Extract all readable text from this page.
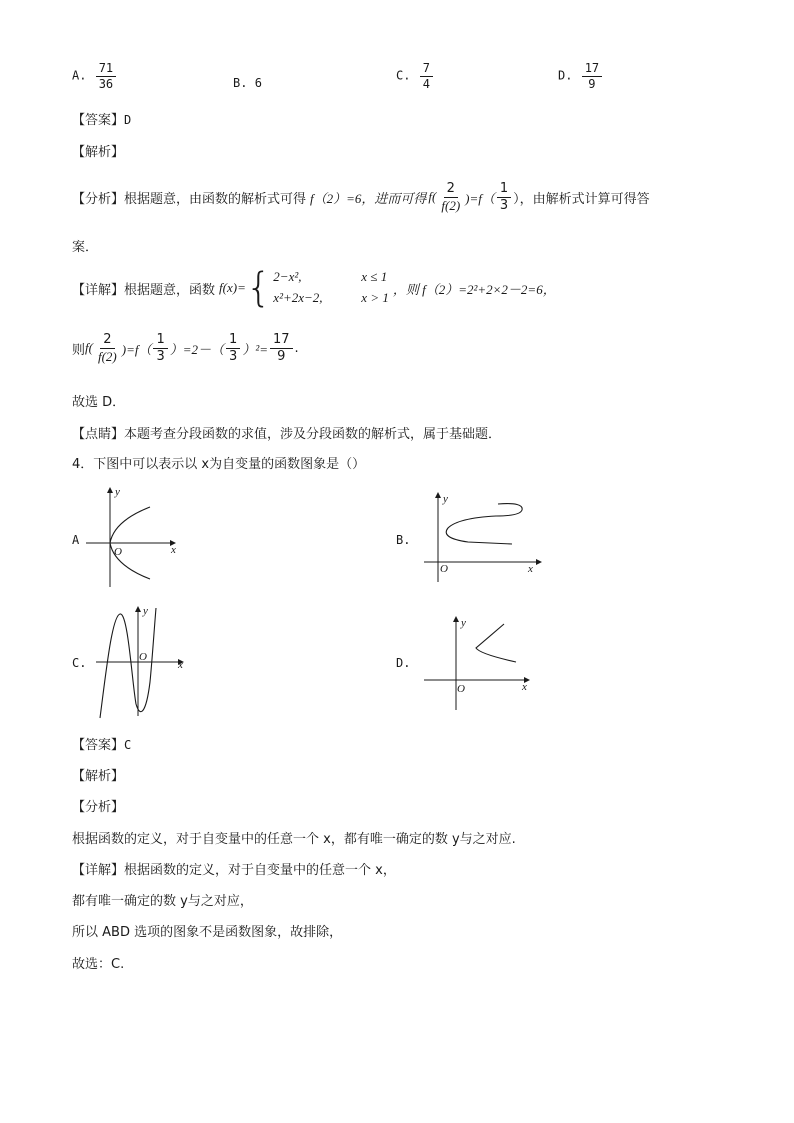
A. $\frac{71}{36}$	B. 6
C. $\frac{7}{4}$	D. $\frac{17}{9}$
【答案】D
【解析】
【分析】 根据题意，由函数的解析式可得 f（2）=6，进而可得 $f( \frac{2}{f(2)} )=f( \frac{1}{3}$ ），由解析式计算可得答
案．
【详解】 根据题意，函数 f(x)= { 2−x²,	x ≤ 1
x²+2x−2,	x > 1
，则 f（2）=2²+2×2－2=6，
则 $f( \frac{2}{f(2)} )=f( \frac{1}{3} )=2-( \frac{1}{3} )^2= \frac{17}{9}$ .
故选 D．
【点睛】本题考查分段函数的求值，涉及分段函数的解析式，属于基础题．
4．下图中可以表示以 x为自变量的函数图象是（）
A
y
x
O
B.
y
x
O
C.
y
x
O	D.
y
x
O
【答案】C
【解析】
【分析】
根据函数的定义，对于自变量中的任意一个 x，都有唯一确定的数 y与之对应.
【详解】根据函数的定义，对于自变量中的任意一个 x，
都有唯一确定的数 y与之对应，
所以 ABD 选项的图象不是函数图象，故排除，
故选：C.
